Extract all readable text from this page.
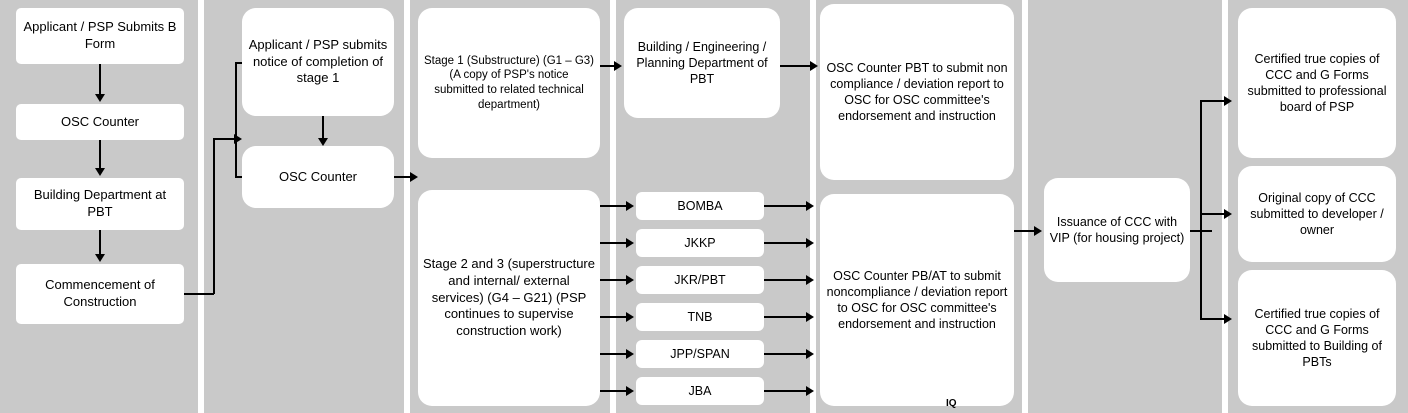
Applicant / PSP Submits B Form
OSC Counter
Building Department at PBT
Commencement of Construction
Applicant / PSP submits notice of completion of stage 1
OSC Counter
Stage 1 (Substructure) (G1 – G3) (A copy of PSP's notice submitted to related technical department)
Stage 2 and 3 (superstructure and internal/ external services) (G4 – G21) (PSP continues to supervise construction work)
Building / Engineering / Planning Department of PBT
BOMBA
JKKP
JKR/PBT
TNB
JPP/SPAN
JBA
OSC Counter PBT to submit non compliance / deviation report to OSC for OSC committee's endorsement and instruction
OSC Counter PB/AT to submit noncompliance / deviation report to OSC for OSC committee's endorsement and instruction
Issuance of CCC with VIP (for housing project)
Certified true copies of CCC and G Forms submitted to professional board of PSP
Original copy of CCC submitted to developer / owner
Certified true copies of CCC and G Forms submitted to Building of PBTs
IQ
